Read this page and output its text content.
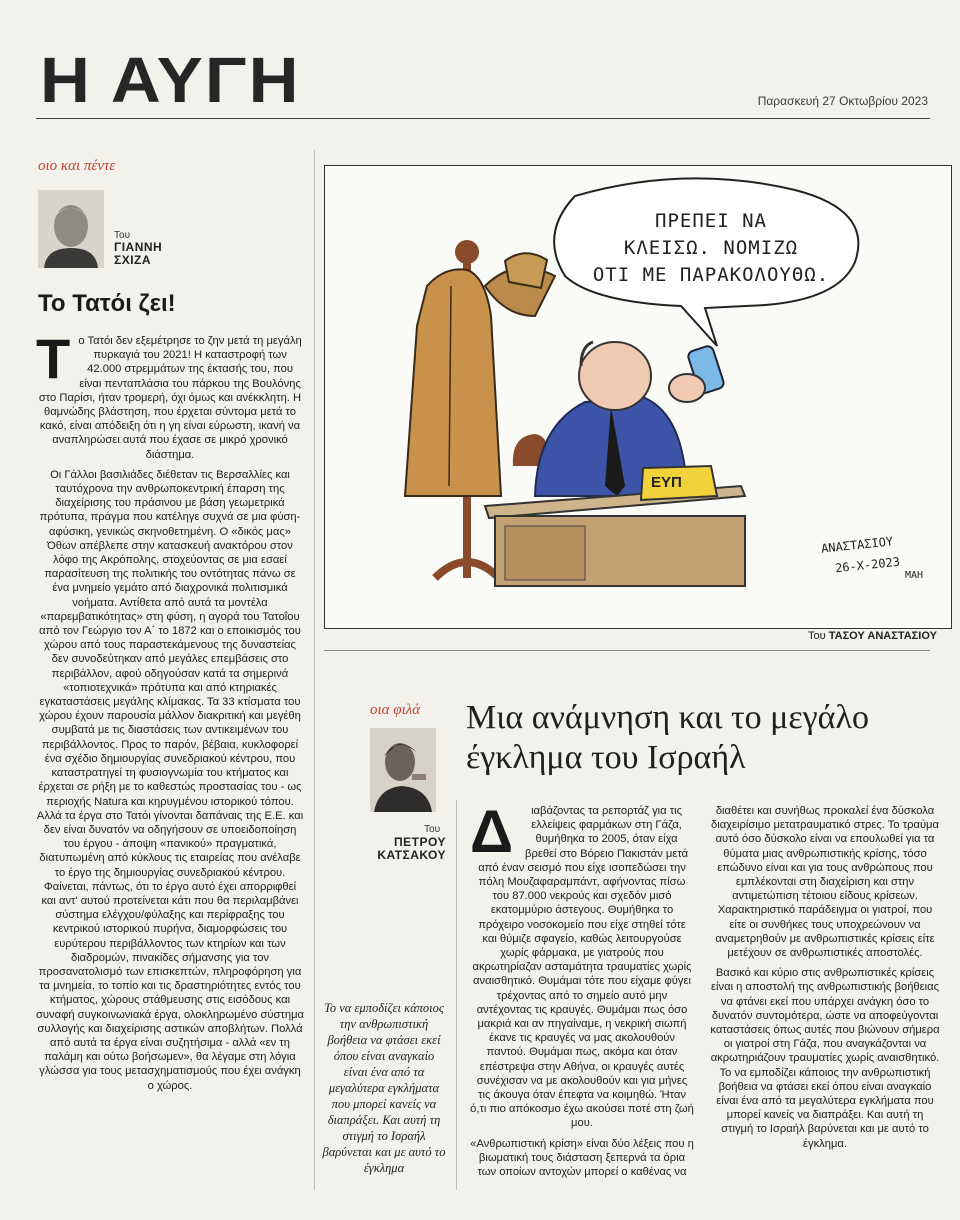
Η ΑΥΓΗ	Παρασκευή 27 Οκτωβρίου 2023
οιο και πέντε
Του
ΓΙΑΝΝΗ
ΣΧΙΖΑ
Το Τατόι ζει!
Τ ο Τατόι δεν εξεμέτρησε το ζην μετά τη μεγάλη πυρκαγιά του 2021! Η καταστροφή των 42.000 στρεμμάτων της έκτασής του, που είναι πενταπλάσια του πάρκου της Βουλόνης στο Παρίσι, ήταν τρομερή, όχι όμως και ανέκκλητη. Η θαμνώδης βλάστηση, που έρχεται σύντομα μετά το κακό, είναι απόδειξη ότι η γη είναι εύρωστη, ικανή να αναπληρώσει αυτά που έχασε σε μικρό χρονικό διάστημα.

Οι Γάλλοι βασιλιάδες διέθεταν τις Βερσαλλίες και ταυτόχρονα την ανθρωποκεντρική έπαρση της διαχείρισης του πράσινου με βάση γεωμετρικά πρότυπα, πράγμα που κατέληγε συχνά σε μια φύση-αφύσικη, γενικώς σκηνοθετημένη. Ο «δικός μας» Όθων απέβλεπε στην κατασκευή ανακτόρου στον λόφο της Ακρόπολης, στοχεύοντας σε μια εσαεί παρασίτευση της πολιτικής του οντότητας πάνω σε ένα μνημείο γεμάτο από διαχρονικά πολιτισμικά νοήματα. Αντίθετα από αυτά τα μοντέλα «παρεμβατικότητας» στη φύση, η αγορά του Τατοΐου από τον Γεώργιο τον Α΄ το 1872 και ο εποικισμός του χώρου από τους παραστεκάμενους της δυναστείας δεν συνοδεύτηκαν από μεγάλες επεμβάσεις στο περιβάλλον, αφού οδηγούσαν κατά τα σημερινά «τοπιοτεχνικά» πρότυπα και από κτηριακές εγκαταστάσεις μεγάλης κλίμακας. Τα 33 κτίσματα του χώρου έχουν παρουσία μάλλον διακριτική και μεγέθη συμβατά με τις διαστάσεις των αντικειμένων του περιβάλλοντος. Προς το παρόν, βέβαια, κυκλοφορεί ένα σχέδιο δημιουργίας συνεδριακού κέντρου, που καταστρατηγεί τη φυσιογνωμία του κτήματος και έρχεται σε ρήξη με το καθεστώς προστασίας του - ως περιοχής Natura και κηρυγμένου ιστορικού τόπου. Αλλά τα έργα στο Τατόι γίνονται δαπάναις της Ε.Ε. και δεν είναι δυνατόν να οδηγήσουν σε υποειδοποίηση του έργου - άποψη «πανικού» πραγματικά, διατυπωμένη από κύκλους τις εταιρείας που ανέλαβε το έργο της δημιουργίας συνεδριακού κέντρου. Φαίνεται, πάντως, ότι το έργο αυτό έχει απορριφθεί και αντ' αυτού προτείνεται κάτι που θα περιλαμβάνει σύστημα ελέγχου/φύλαξης και περίφραξης του κεντρικού ιστορικού πυρήνα, διαμορφώσεις του ευρύτερου περιβάλλοντος των κτηρίων και των διαδρομών, πινακίδες σήμανσης για τον προσανατολισμό των επισκεπτών, πληροφόρηση για τα μνημεία, το τοπίο και τις δραστηριότητες εντός του κτήματος, χώρους στάθμευσης στις εισόδους και συναφή συγκοινωνιακά έργα, ολοκληρωμένο σύστημα συλλογής και διαχείρισης αστικών αποβλήτων. Πολλά από αυτά τα έργα είναι συζητήσιμα - αλλά «εν τη παλάμη και ούτω βοήσωμεν», θα λέγαμε στη λόγια γλώσσα για τους μετασχηματισμούς που έχει ανάγκη ο χώρος.

ΠΡΕΠΕΙ ΝΑ
ΚΛΕΙΣΩ. ΝΟΜΙΖΩ
ΟΤΙ ΜΕ ΠΑΡΑΚΟΛΟΥΘΩ.
ΕΥΠ
ΑΝΑΣΤΑΣΙΟΥ
26-Χ-2023
ΜΑΗ
Του ΤΑΣΟΥ ΑΝΑΣΤΑΣΙΟΥ
οια φιλά
Του
ΠΕΤΡΟΥ
ΚΑΤΣΑΚΟΥ
Μια ανάμνηση και το μεγάλο
έγκλημα του Ισραήλ
Το να εμποδίζει κάποιος την ανθρωπιστική βοήθεια να φτάσει εκεί όπου είναι αναγκαίο είναι ένα από τα μεγαλύτερα εγκλήματα που μπορεί κανείς να διαπράξει. Και αυτή τη στιγμή το Ισραήλ βαρύνεται και με αυτό το έγκλημα
Δ	ιαβάζοντας τα ρεπορτάζ για τις ελλείψεις φαρμάκων στη Γάζα, θυμήθηκα το 2005, όταν είχα βρεθεί στο Βόρειο Πακιστάν μετά από έναν σεισμό που είχε ισοπεδώσει την πόλη Μουζαφαραμπάντ, αφήνοντας πίσω του 87.000 νεκρούς και σχεδόν μισό εκατομμύριο άστεγους. Θυμήθηκα το πρόχειρο νοσοκομείο που είχε στηθεί τότε και θύμιζε σφαγείο, καθώς λειτουργούσε χωρίς φάρμακα, με γιατρούς που ακρωτηρίαζαν ασταμάτητα τραυματίες χωρίς αναισθητικό. Θυμάμαι τότε που είχαμε φύγει τρέχοντας από το σημείο αυτό μην αντέχοντας τις κραυγές. Θυμάμαι πως όσο μακριά και αν πηγαίναμε, η νεκρική σιωπή έκανε τις κραυγές να μας ακολουθούν παντού. Θυμάμαι πως, ακόμα και όταν επέστρεψα στην Αθήνα, οι κραυγές αυτές συνέχισαν να με ακολουθούν και για μήνες τις άκουγα όταν έπεφτα να κοιμηθώ. Ήταν ό,τι πιο απόκοσμο έχω ακούσει ποτέ στη ζωή μου.

«Ανθρωπιστική κρίση» είναι δύο λέξεις που η βιωματική τους διάσταση ξεπερνά τα όρια των οποίων αντοχών μπορεί ο καθένας να

διαθέτει και συνήθως προκαλεί ένα δύσκολα διαχειρίσιμο μετατραυματικό στρες. Το τραύμα αυτό όσο δύσκολο είναι να επουλωθεί για τα θύματα μιας ανθρωπιστικής κρίσης, τόσο επώδυνο είναι και για τους ανθρώπους που εμπλέκονται στη διαχείριση και στην αντιμετώπιση τέτοιου είδους κρίσεων. Χαρακτηριστικό παράδειγμα οι γιατροί, που είτε οι συνθήκες τους υποχρεώνουν να αναμετρηθούν με ανθρωπιστικές κρίσεις είτε μετέχουν σε ανθρωπιστικές αποστολές.

Βασικό και κύριο στις ανθρωπιστικές κρίσεις είναι η αποστολή της ανθρωπιστικής βοήθειας να φτάνει εκεί που υπάρχει ανάγκη όσο το δυνατόν συντομότερα, ώστε να αποφεύγονται καταστάσεις όπως αυτές που βιώνουν σήμερα οι γιατροί στη Γάζα, που αναγκάζονται να ακρωτηριάζουν τραυματίες χωρίς αναισθητικό. Το να εμποδίζει κάποιος την ανθρωπιστική βοήθεια να φτάσει εκεί όπου είναι αναγκαίο είναι ένα από τα μεγαλύτερα εγκλήματα που μπορεί κανείς να διαπράξει. Και αυτή τη στιγμή το Ισραήλ βαρύνεται και με αυτό το έγκλημα.
